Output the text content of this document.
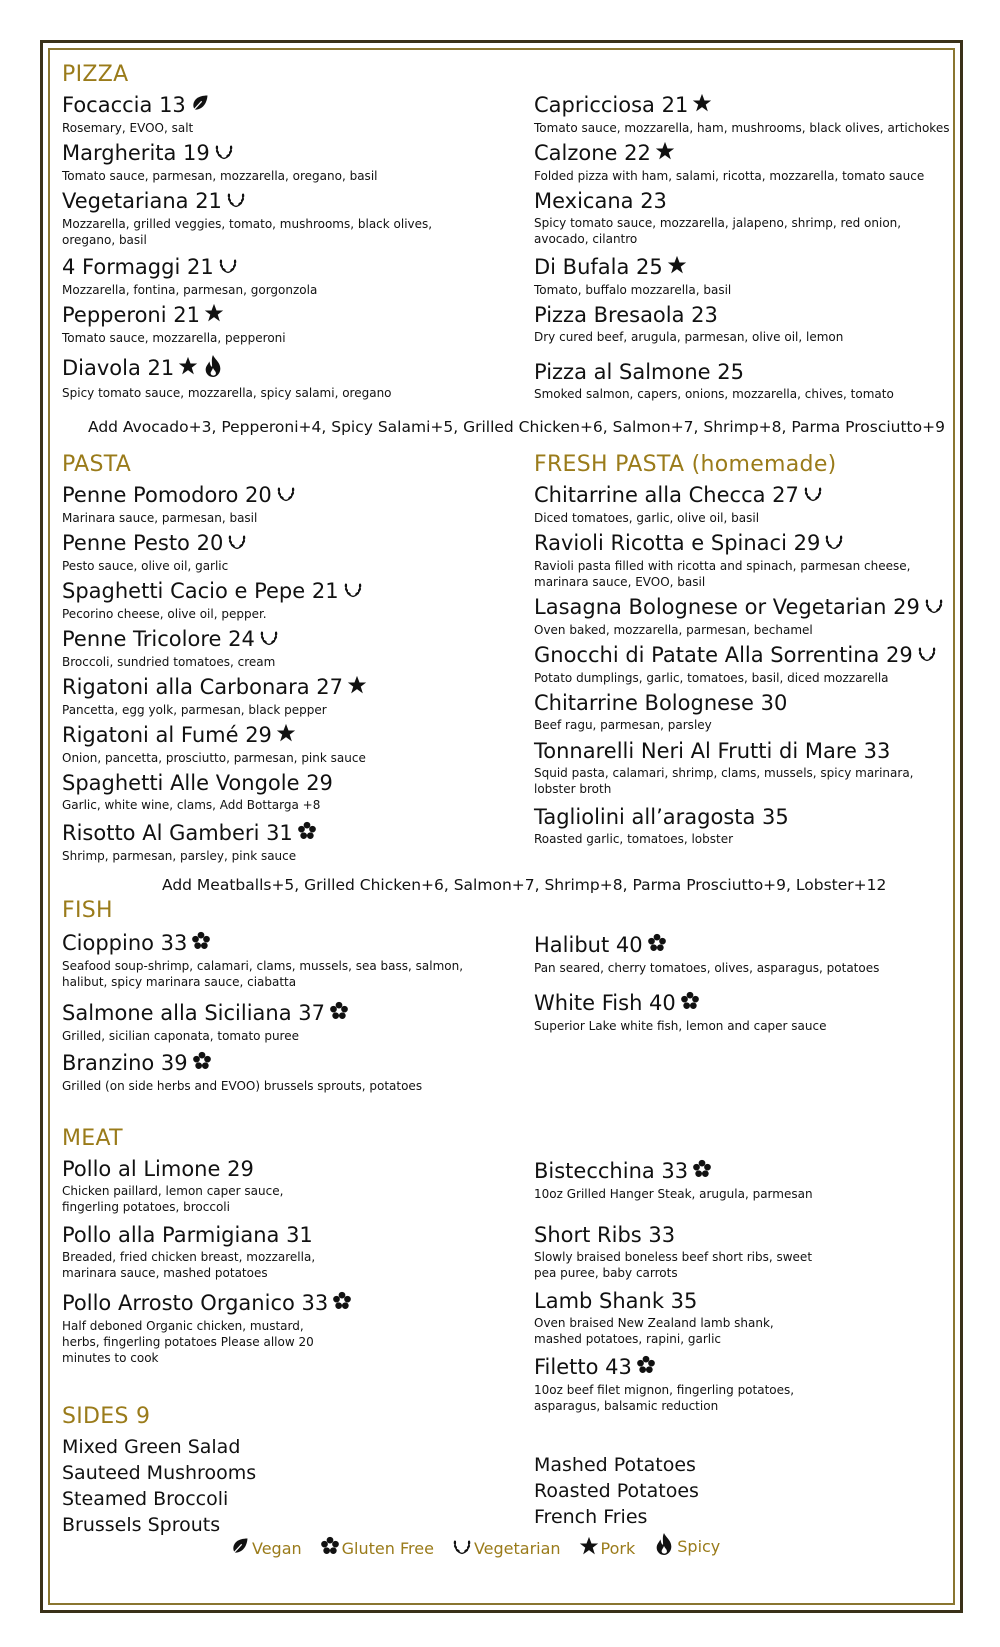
PIZZA
Focaccia 13
Rosemary, EVOO, salt
Margherita 19
Tomato sauce, parmesan, mozzarella, oregano, basil
Vegetariana 21
Mozzarella, grilled veggies, tomato, mushrooms, black olives, oregano, basil
4 Formaggi 21
Mozzarella, fontina, parmesan, gorgonzola
Pepperoni 21
Tomato sauce, mozzarella, pepperoni
Diavola 21
Spicy tomato sauce, mozzarella, spicy salami, oregano
Capricciosa 21
Tomato sauce, mozzarella, ham, mushrooms, black olives, artichokes
Calzone 22
Folded pizza with ham, salami, ricotta, mozzarella, tomato sauce
Mexicana 23
Spicy tomato sauce, mozzarella, jalapeno, shrimp, red onion, avocado, cilantro
Di Bufala 25
Tomato, buffalo mozzarella, basil
Pizza Bresaola 23
Dry cured beef, arugula, parmesan, olive oil, lemon
Pizza al Salmone 25
Smoked salmon, capers, onions, mozzarella, chives, tomato
Add Avocado+3, Pepperoni+4, Spicy Salami+5, Grilled Chicken+6, Salmon+7, Shrimp+8, Parma Prosciutto+9
PASTA
Penne Pomodoro 20
Marinara sauce, parmesan, basil
Penne Pesto 20
Pesto sauce, olive oil, garlic
Spaghetti Cacio e Pepe 21
Pecorino cheese, olive oil, pepper.
Penne Tricolore 24
Broccoli, sundried tomatoes, cream
Rigatoni alla Carbonara 27
Pancetta, egg yolk, parmesan, black pepper
Rigatoni al Fumé 29
Onion, pancetta, prosciutto, parmesan, pink sauce
Spaghetti Alle Vongole 29
Garlic, white wine, clams, Add Bottarga +8
Risotto Al Gamberi 31
Shrimp, parmesan, parsley, pink sauce
FRESH PASTA (homemade)
Chitarrine alla Checca 27
Diced tomatoes, garlic, olive oil, basil
Ravioli Ricotta e Spinaci 29
Ravioli pasta filled with ricotta and spinach, parmesan cheese, marinara sauce, EVOO, basil
Lasagna Bolognese or Vegetarian 29
Oven baked, mozzarella, parmesan, bechamel
Gnocchi di Patate Alla Sorrentina 29
Potato dumplings, garlic, tomatoes, basil, diced mozzarella
Chitarrine Bolognese 30
Beef ragu, parmesan, parsley
Tonnarelli Neri Al Frutti di Mare 33
Squid pasta, calamari, shrimp, clams, mussels, spicy marinara, lobster broth
Tagliolini all’aragosta 35
Roasted garlic, tomatoes, lobster
Add Meatballs+5, Grilled Chicken+6, Salmon+7, Shrimp+8, Parma Prosciutto+9, Lobster+12
FISH
Cioppino 33
Seafood soup-shrimp, calamari, clams, mussels, sea bass, salmon, halibut, spicy marinara sauce, ciabatta
Salmone alla Siciliana 37
Grilled, sicilian caponata, tomato puree
Branzino 39
Grilled (on side herbs and EVOO) brussels sprouts, potatoes
Halibut 40
Pan seared, cherry tomatoes, olives, asparagus, potatoes
White Fish 40
Superior Lake white fish, lemon and caper sauce
MEAT
Pollo al Limone 29
Chicken paillard, lemon caper sauce, fingerling potatoes, broccoli
Pollo alla Parmigiana 31
Breaded, fried chicken breast, mozzarella, marinara sauce, mashed potatoes
Pollo Arrosto Organico 33
Half deboned Organic chicken, mustard, herbs, fingerling potatoes Please allow 20 minutes to cook
Bistecchina 33
10oz Grilled Hanger Steak, arugula, parmesan
Short Ribs 33
Slowly braised boneless beef short ribs, sweet pea puree, baby carrots
Lamb Shank 35
Oven braised New Zealand lamb shank, mashed potatoes, rapini, garlic
Filetto 43
10oz beef filet mignon, fingerling potatoes, asparagus, balsamic reduction
SIDES 9
Mixed Green Salad
Sauteed Mushrooms
Steamed Broccoli
Brussels Sprouts
Mashed Potatoes
Roasted Potatoes
French Fries
Vegan	Gluten Free	Vegetarian	Pork	Spicy
